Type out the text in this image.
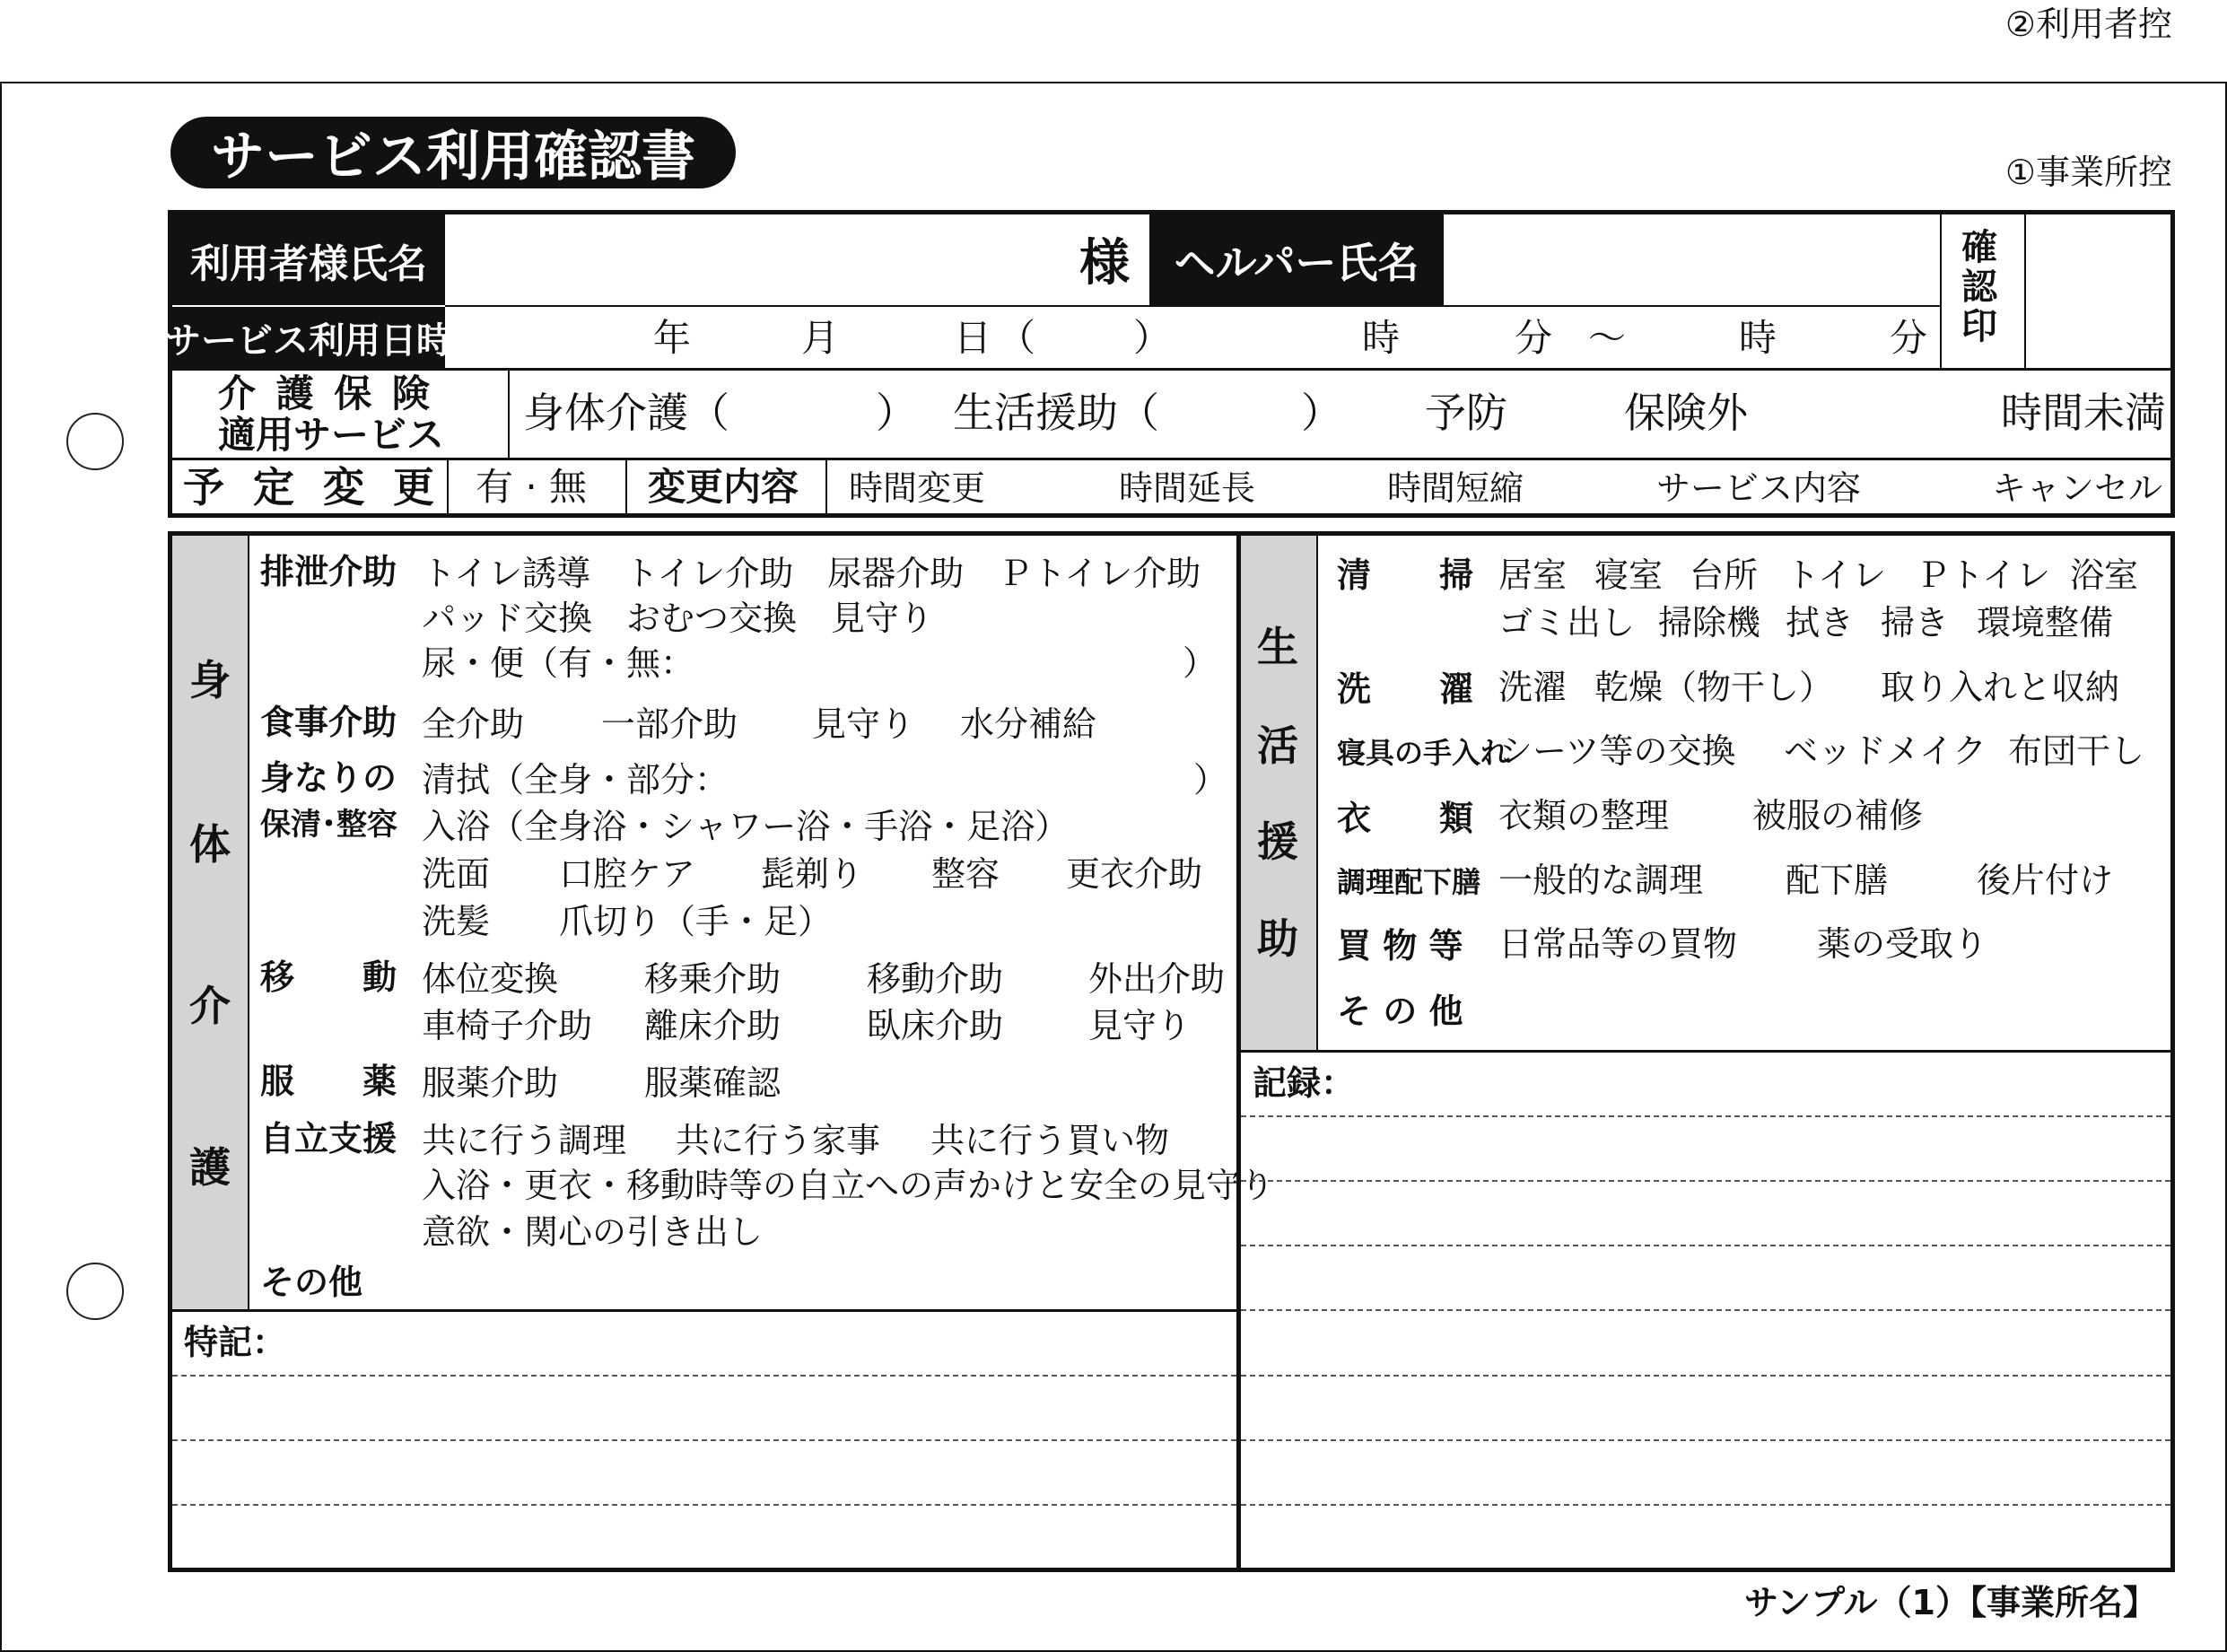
②利用者控
①事業所控
サービス利用確認書
利用者様氏名	様	ヘルパー氏名
サービス利用日時	年	月	日 （	）	時	分 ～	時	分
確
認
印
介 護 保 険
適用サービス 身体介護（	） 生活援助（	） 予防	保険外	時間未満
予 定 変 更 有 · 無 変更内容 時間変更	時間延長	時間短縮	サービス内容	キャンセル
身
体
介
護
排泄介助 トイレ誘導　トイレ介助　尿器介助　Ｐトイレ介助
パッド交換　おむつ交換　見守り
尿・便（有・無：	）
食事介助 全介助 一部介助 見守り 水分補給
身なりの
保清･整容
清拭（全身・部分：	）
入浴（全身浴・シャワー浴・手浴・足浴）
洗面 口腔ケア 髭剃り 整容 更衣介助
洗髪 爪切り（手・足）
移　　動 体位変換	移乗介助	移動介助 外出介助
車椅子介助 離床介助	臥床介助 見守り
服　　薬 服薬介助	服薬確認
自立支援 共に行う調理 共に行う家事 共に行う買い物
入浴・更衣・移動時等の自立への声かけと安全の見守り
意欲・関心の引き出し
その他
特記：
生
活
援
助
清　　掃 居室 寝室 台所 トイレ Ｐトイレ 浴室
ゴミ出し 掃除機 拭き 掃き 環境整備
洗　　濯 洗濯 乾燥（物干し） 取り入れと収納
寝具の手入れ
シーツ等の交換 ベッドメイク 布団干し
衣　　類 衣類の整理 被服の補修
調理配下膳 一般的な調理 配下膳	後片付け
買 物 等 日常品等の買物 薬の受取り
そ の 他
記録：
サンプル（1）【事業所名】
